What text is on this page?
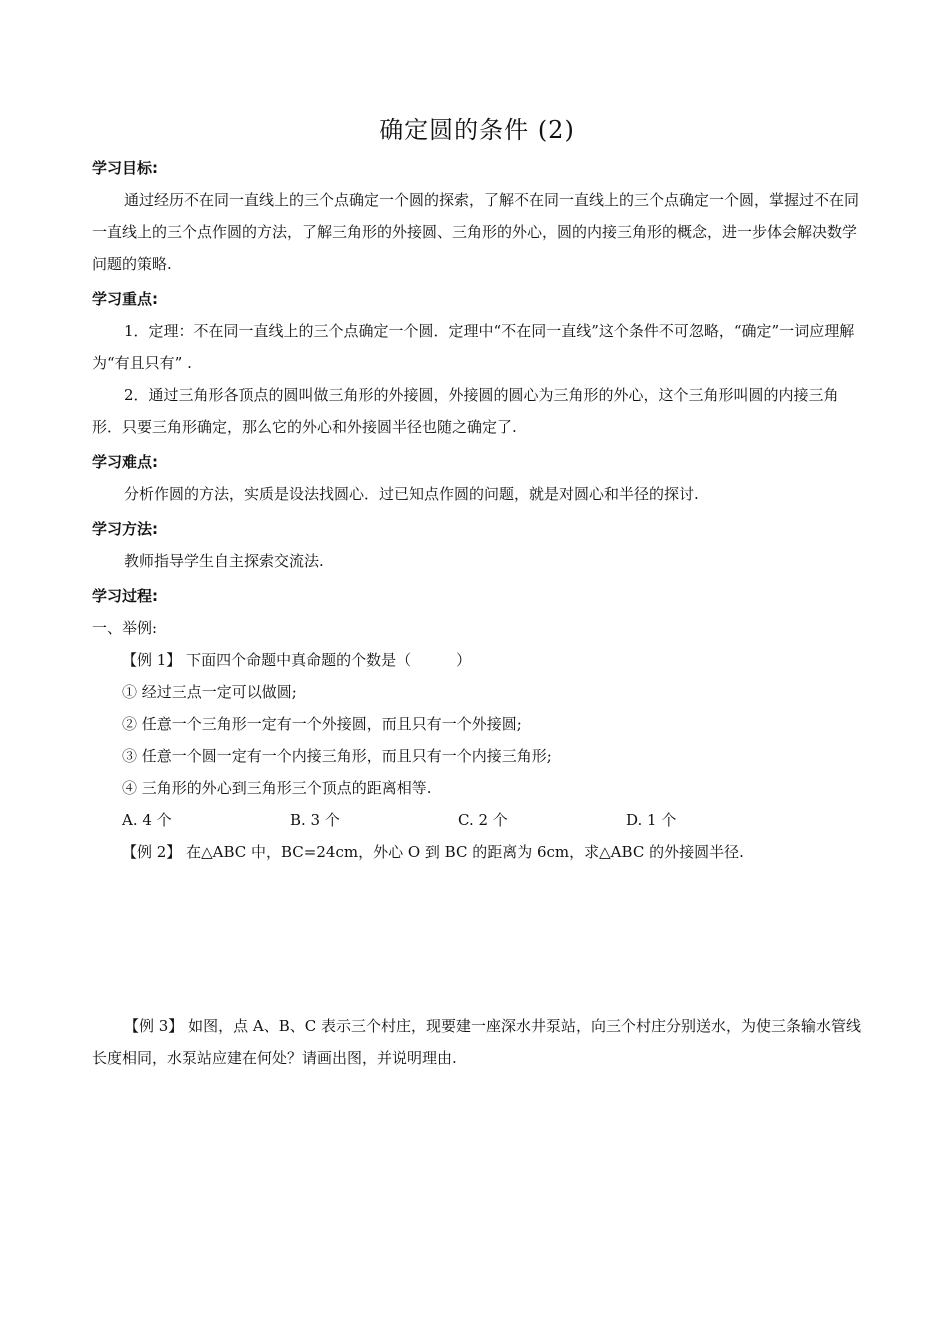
确定圆的条件 (2)
学习目标:

通过经历不在同一直线上的三个点确定一个圆的探索，了解不在同一直线上的三个点确定一个圆，掌握过不在同一直线上的三个点作圆的方法，了解三角形的外接圆、三角形的外心，圆的内接三角形的概念，进一步体会解决数学问题的策略.

学习重点:

1．定理：不在同一直线上的三个点确定一个圆．定理中“不在同一直线”这个条件不可忽略，“确定”一词应理解为“有且只有” .

2．通过三角形各顶点的圆叫做三角形的外接圆，外接圆的圆心为三角形的外心，这个三角形叫圆的内接三角形．只要三角形确定，那么它的外心和外接圆半径也随之确定了.

学习难点:

分析作圆的方法，实质是设法找圆心．过已知点作圆的问题，就是对圆心和半径的探讨.

学习方法:

教师指导学生自主探索交流法.

学习过程:

一、举例:

【例 1】 下面四个命题中真命题的个数是（　　　）

① 经过三点一定可以做圆;

② 任意一个三角形一定有一个外接圆，而且只有一个外接圆;

③ 任意一个圆一定有一个内接三角形，而且只有一个内接三角形;

④ 三角形的外心到三角形三个顶点的距离相等.

A. 4 个	B. 3 个	C. 2 个	D. 1 个

【例 2】 在△ABC 中，BC=24cm，外心 O 到 BC 的距离为 6cm，求△ABC 的外接圆半径.

【例 3】 如图，点 A、B、C 表示三个村庄，现要建一座深水井泵站，向三个村庄分别送水，为使三条输水管线长度相同，水泵站应建在何处？请画出图，并说明理由.
